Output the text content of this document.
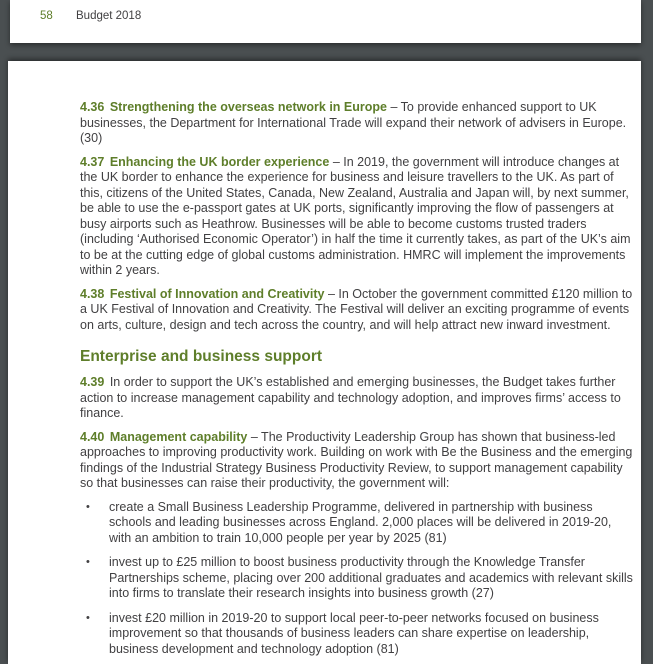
58 Budget 2018

4.36 Strengthening the overseas network in Europe – To provide enhanced support to UK businesses, the Department for International Trade will expand their network of advisers in Europe. (30)

4.37 Enhancing the UK border experience – In 2019, the government will introduce changes at the UK border to enhance the experience for business and leisure travellers to the UK. As part of this, citizens of the United States, Canada, New Zealand, Australia and Japan will, by next summer, be able to use the e-passport gates at UK ports, significantly improving the flow of passengers at busy airports such as Heathrow. Businesses will be able to become customs trusted traders (including ‘Authorised Economic Operator’) in half the time it currently takes, as part of the UK’s aim to be at the cutting edge of global customs administration. HMRC will implement the improvements within 2 years.

4.38 Festival of Innovation and Creativity – In October the government committed £120 million to a UK Festival of Innovation and Creativity. The Festival will deliver an exciting programme of events on arts, culture, design and tech across the country, and will help attract new inward investment.

Enterprise and business support

4.39 In order to support the UK’s established and emerging businesses, the Budget takes further action to increase management capability and technology adoption, and improves firms’ access to finance.

4.40 Management capability – The Productivity Leadership Group has shown that business-led approaches to improving productivity work. Building on work with Be the Business and the emerging findings of the Industrial Strategy Business Productivity Review, to support management capability so that businesses can raise their productivity, the government will:

• create a Small Business Leadership Programme, delivered in partnership with business schools and leading businesses across England. 2,000 places will be delivered in 2019-20, with an ambition to train 10,000 people per year by 2025 (81)
• invest up to £25 million to boost business productivity through the Knowledge Transfer Partnerships scheme, placing over 200 additional graduates and academics with relevant skills into firms to translate their research insights into business growth (27)
• invest £20 million in 2019-20 to support local peer-to-peer networks focused on business improvement so that thousands of business leaders can share expertise on leadership, business development and technology adoption (81)
